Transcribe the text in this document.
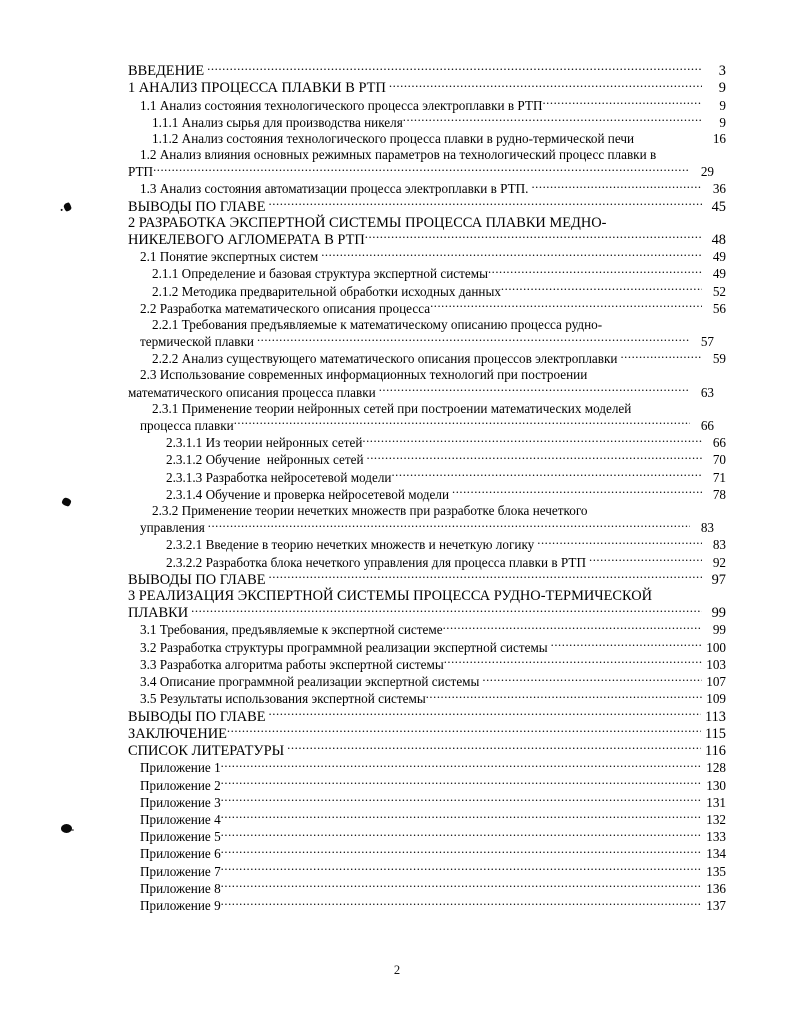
ВВЕДЕНИЕ .....	3
1 АНАЛИЗ ПРОЦЕССА ПЛАВКИ В РТП .....	9
1.1 Анализ состояния технологического процесса электроплавки в РТП .....	9
1.1.1 Анализ сырья для производства никеля .....	9
1.1.2 Анализ состояния технологического процесса плавки в рудно-термической печи	16
1.2 Анализ влияния основных режимных параметров на технологический процесс плавки в
РТП .....	29
1.3 Анализ состояния автоматизации процесса электроплавки в РТП. .....	36
ВЫВОДЫ ПО ГЛАВЕ .....	45
2 РАЗРАБОТКА ЭКСПЕРТНОЙ СИСТЕМЫ ПРОЦЕССА ПЛАВКИ МЕДНО-
НИКЕЛЕВОГО АГЛОМЕРАТА В РТП .....	48
2.1 Понятие экспертных систем .....	49
2.1.1 Определение и базовая структура экспертной системы .....	49
2.1.2 Методика предварительной обработки исходных данных .....	52
2.2 Разработка математического описания процесса .....	56
2.2.1 Требования предъявляемые к математическому описанию процесса рудно-
термической плавки .....	57
2.2.2 Анализ существующего математического описания процессов электроплавки .....	59
2.3 Использование современных информационных технологий при построении
математического описания процесса плавки .....	63
2.3.1 Применение теории нейронных сетей при построении математических моделей
процесса плавки .....	66
2.3.1.1 Из теории нейронных сетей .....	66
2.3.1.2 Обучение  нейронных сетей .....	70
2.3.1.3 Разработка нейросетевой модели .....	71
2.3.1.4 Обучение и проверка нейросетевой модели .....	78
2.3.2 Применение теории нечетких множеств при разработке блока нечеткого
управления .....	83
2.3.2.1 Введение в теорию нечетких множеств и нечеткую логику .....	83
2.3.2.2 Разработка блока нечеткого управления для процесса плавки в РТП .....	92
ВЫВОДЫ ПО ГЛАВЕ .....	97
3 РЕАЛИЗАЦИЯ ЭКСПЕРТНОЙ СИСТЕМЫ ПРОЦЕССА РУДНО-ТЕРМИЧЕСКОЙ
ПЛАВКИ .....	99
3.1 Требования, предъявляемые к экспертной системе .....	99
3.2 Разработка структуры программной реализации экспертной системы .....	100
3.3 Разработка алгоритма работы экспертной системы .....	103
3.4 Описание программной реализации экспертной системы .....	107
3.5 Результаты использования экспертной системы .....	109
ВЫВОДЫ ПО ГЛАВЕ .....	113
ЗАКЛЮЧЕНИЕ .....	115
СПИСОК ЛИТЕРАТУРЫ .....	116
Приложение 1 .....	128
Приложение 2 .....	130
Приложение 3 .....	131
Приложение 4 .....	132
Приложение 5 .....	133
Приложение 6 .....	134
Приложение 7 .....	135
Приложение 8 .....	136
Приложение 9 .....	137
2
